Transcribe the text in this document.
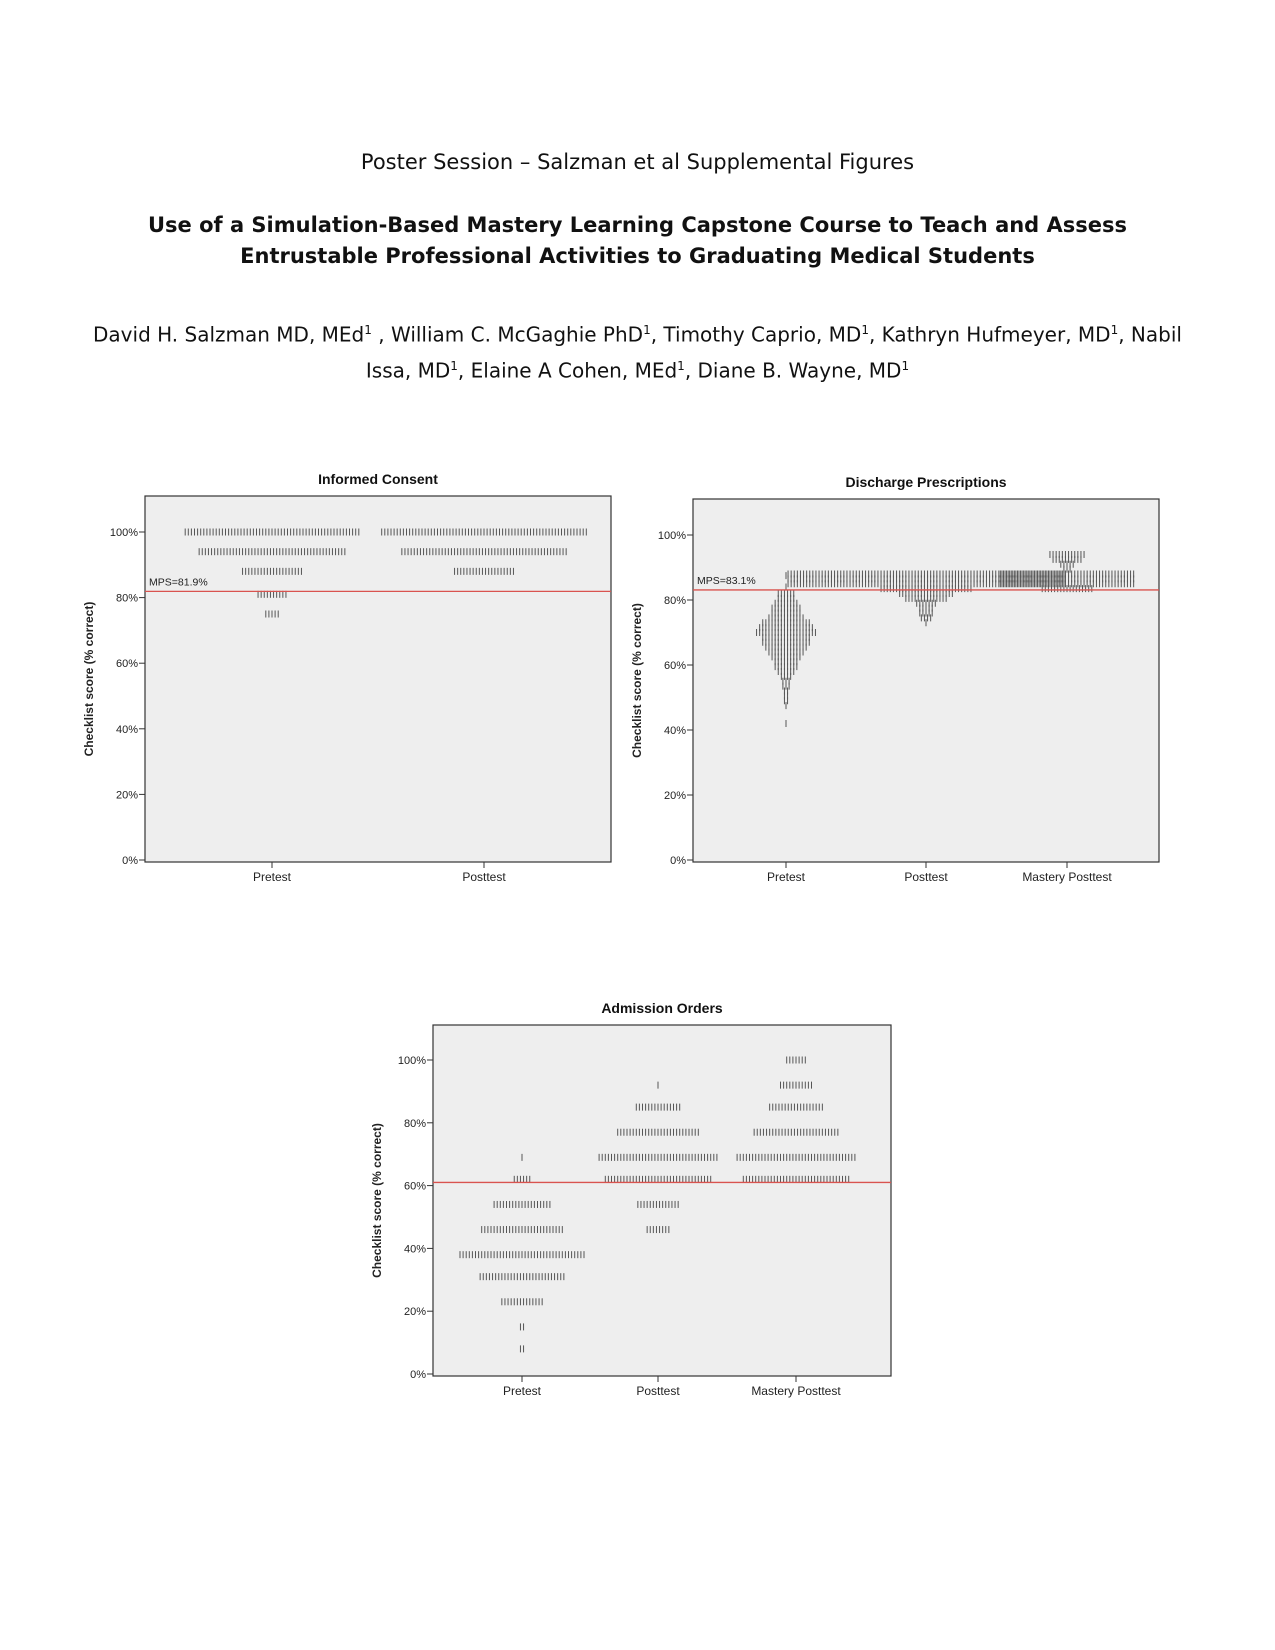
Poster Session – Salzman et al Supplemental Figures
Use of a Simulation-Based Mastery Learning Capstone Course to Teach and Assess Entrustable Professional Activities to Graduating Medical Students
David H. Salzman MD, MEd$^1$ , William C. McGaghie PhD$^1$, Timothy Caprio, $MD^1$, Kathryn Hufmeyer, $MD^1$, Nabil Issa, $MD^1$, Elaine A Cohen, MEd$^1$, Diane B. Wayne, $MD^1$
Informed Consent
0%
20%
40%
60%
80%
100%
Checklist score (% correct)
Pretest	Posttest
MPS=81.9%
Discharge Prescriptions
0%
20%
40%
60%
80%
100%
Checklist score (% correct)
Pretest	Posttest	Mastery Posttest
MPS=83.1%
Admission Orders
0%
20%
40%
60%
80%
100%
Checklist score (% correct)
Pretest	Posttest	Mastery Posttest
